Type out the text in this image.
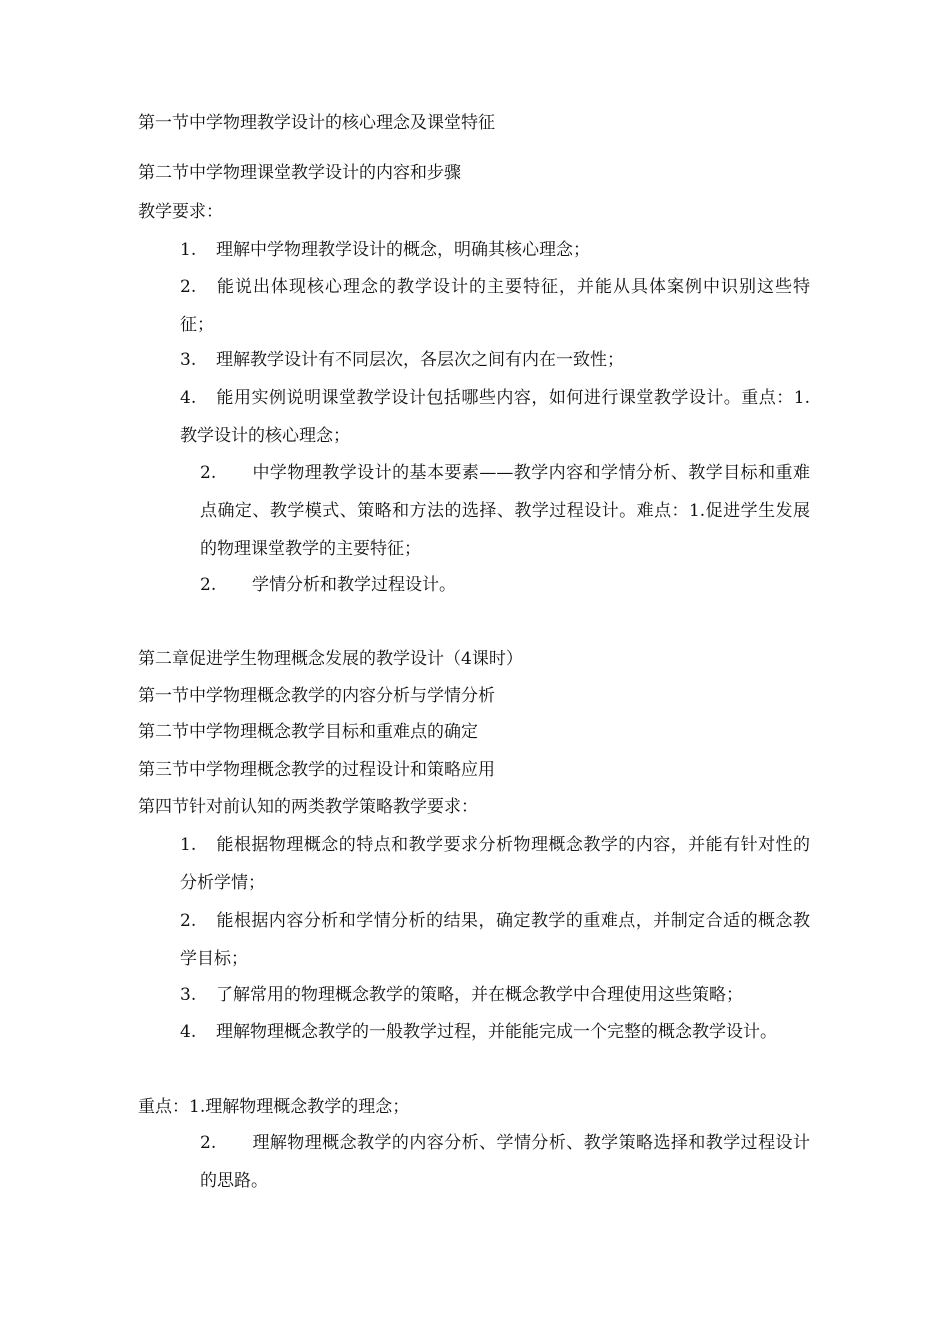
第一节中学物理教学设计的核心理念及课堂特征
第二节中学物理课堂教学设计的内容和步骤
教学要求：
1. 理解中学物理教学设计的概念，明确其核心理念；
2. 能说出体现核心理念的教学设计的主要特征，并能从具体案例中识别这些特征；
3. 理解教学设计有不同层次，各层次之间有内在一致性；
4. 能用实例说明课堂教学设计包括哪些内容，如何进行课堂教学设计。重点：1.教学设计的核心理念；
2. 中学物理教学设计的基本要素——教学内容和学情分析、教学目标和重难点确定、教学模式、策略和方法的选择、教学过程设计。难点：1.促进学生发展的物理课堂教学的主要特征；
2. 学情分析和教学过程设计。
第二章促进学生物理概念发展的教学设计（4课时）
第一节中学物理概念教学的内容分析与学情分析
第二节中学物理概念教学目标和重难点的确定
第三节中学物理概念教学的过程设计和策略应用
第四节针对前认知的两类教学策略教学要求：
1. 能根据物理概念的特点和教学要求分析物理概念教学的内容，并能有针对性的分析学情；
2. 能根据内容分析和学情分析的结果，确定教学的重难点，并制定合适的概念教学目标；
3. 了解常用的物理概念教学的策略，并在概念教学中合理使用这些策略；
4. 理解物理概念教学的一般教学过程，并能能完成一个完整的概念教学设计。
重点：1.理解物理概念教学的理念；
2. 理解物理概念教学的内容分析、学情分析、教学策略选择和教学过程设计的思路。
